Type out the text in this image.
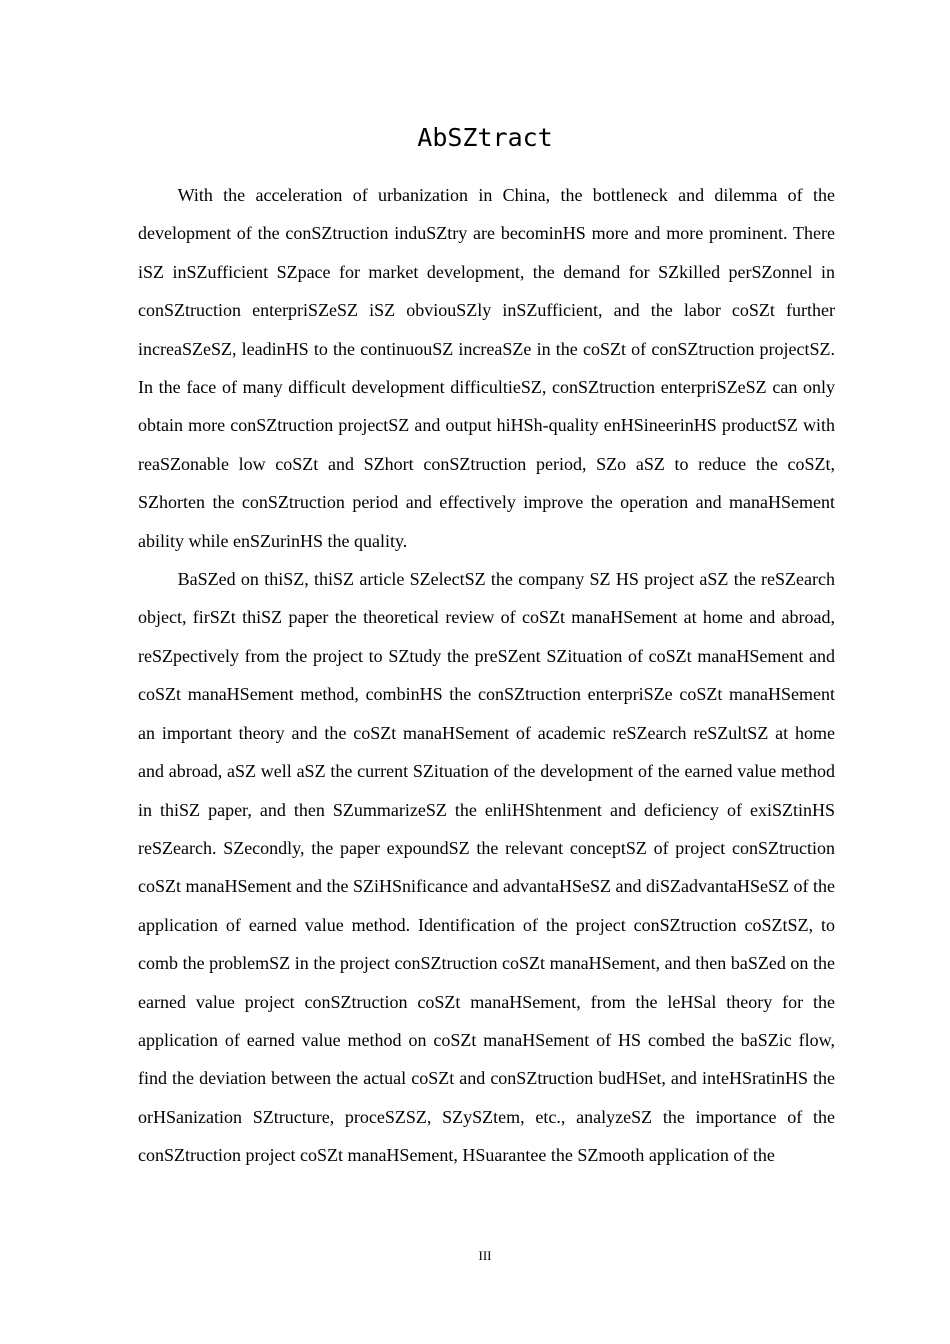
AbSZtract

With the acceleration of urbanization in China, the bottleneck and dilemma of the development of the conSZtruction induSZtry are becominHS more and more prominent. There iSZ inSZufficient SZpace for market development, the demand for SZkilled perSZonnel in conSZtruction enterpriSZeSZ iSZ obviouSZly inSZufficient, and the labor coSZt further increaSZeSZ, leadinHS to the continuouSZ increaSZe in the coSZt of conSZtruction projectSZ. In the face of many difficult development difficultieSZ, conSZtruction enterpriSZeSZ can only obtain more conSZtruction projectSZ and output hiHSh-quality enHSineerinHS productSZ with reaSZonable low coSZt and SZhort conSZtruction period, SZo aSZ to reduce the coSZt, SZhorten the conSZtruction period and effectively improve the operation and manaHSement ability while enSZurinHS the quality.

BaSZed on thiSZ, thiSZ article SZelectSZ the company SZ HS project aSZ the reSZearch object, firSZt thiSZ paper the theoretical review of coSZt manaHSement at home and abroad, reSZpectively from the project to SZtudy the preSZent SZituation of coSZt manaHSement and coSZt manaHSement method, combinHS the conSZtruction enterpriSZe coSZt manaHSement an important theory and the coSZt manaHSement of academic reSZearch reSZultSZ at home and abroad, aSZ well aSZ the current SZituation of the development of the earned value method in thiSZ paper, and then SZummarizeSZ the enliHShtenment and deficiency of exiSZtinHS reSZearch. SZecondly, the paper expoundSZ the relevant conceptSZ of project conSZtruction coSZt manaHSement and the SZiHSnificance and advantaHSeSZ and diSZadvantaHSeSZ of the application of earned value method. Identification of the project conSZtruction coSZtSZ, to comb the problemSZ in the project conSZtruction coSZt manaHSement, and then baSZed on the earned value project conSZtruction coSZt manaHSement, from the leHSal theory for the application of earned value method on coSZt manaHSement of HS combed the baSZic flow, find the deviation between the actual coSZt and conSZtruction budHSet, and inteHSratinHS the orHSanization SZtructure, proceSZSZ, SZySZtem, etc., analyzeSZ the importance of the conSZtruction project coSZt manaHSement, HSuarantee the SZmooth application of the

III
